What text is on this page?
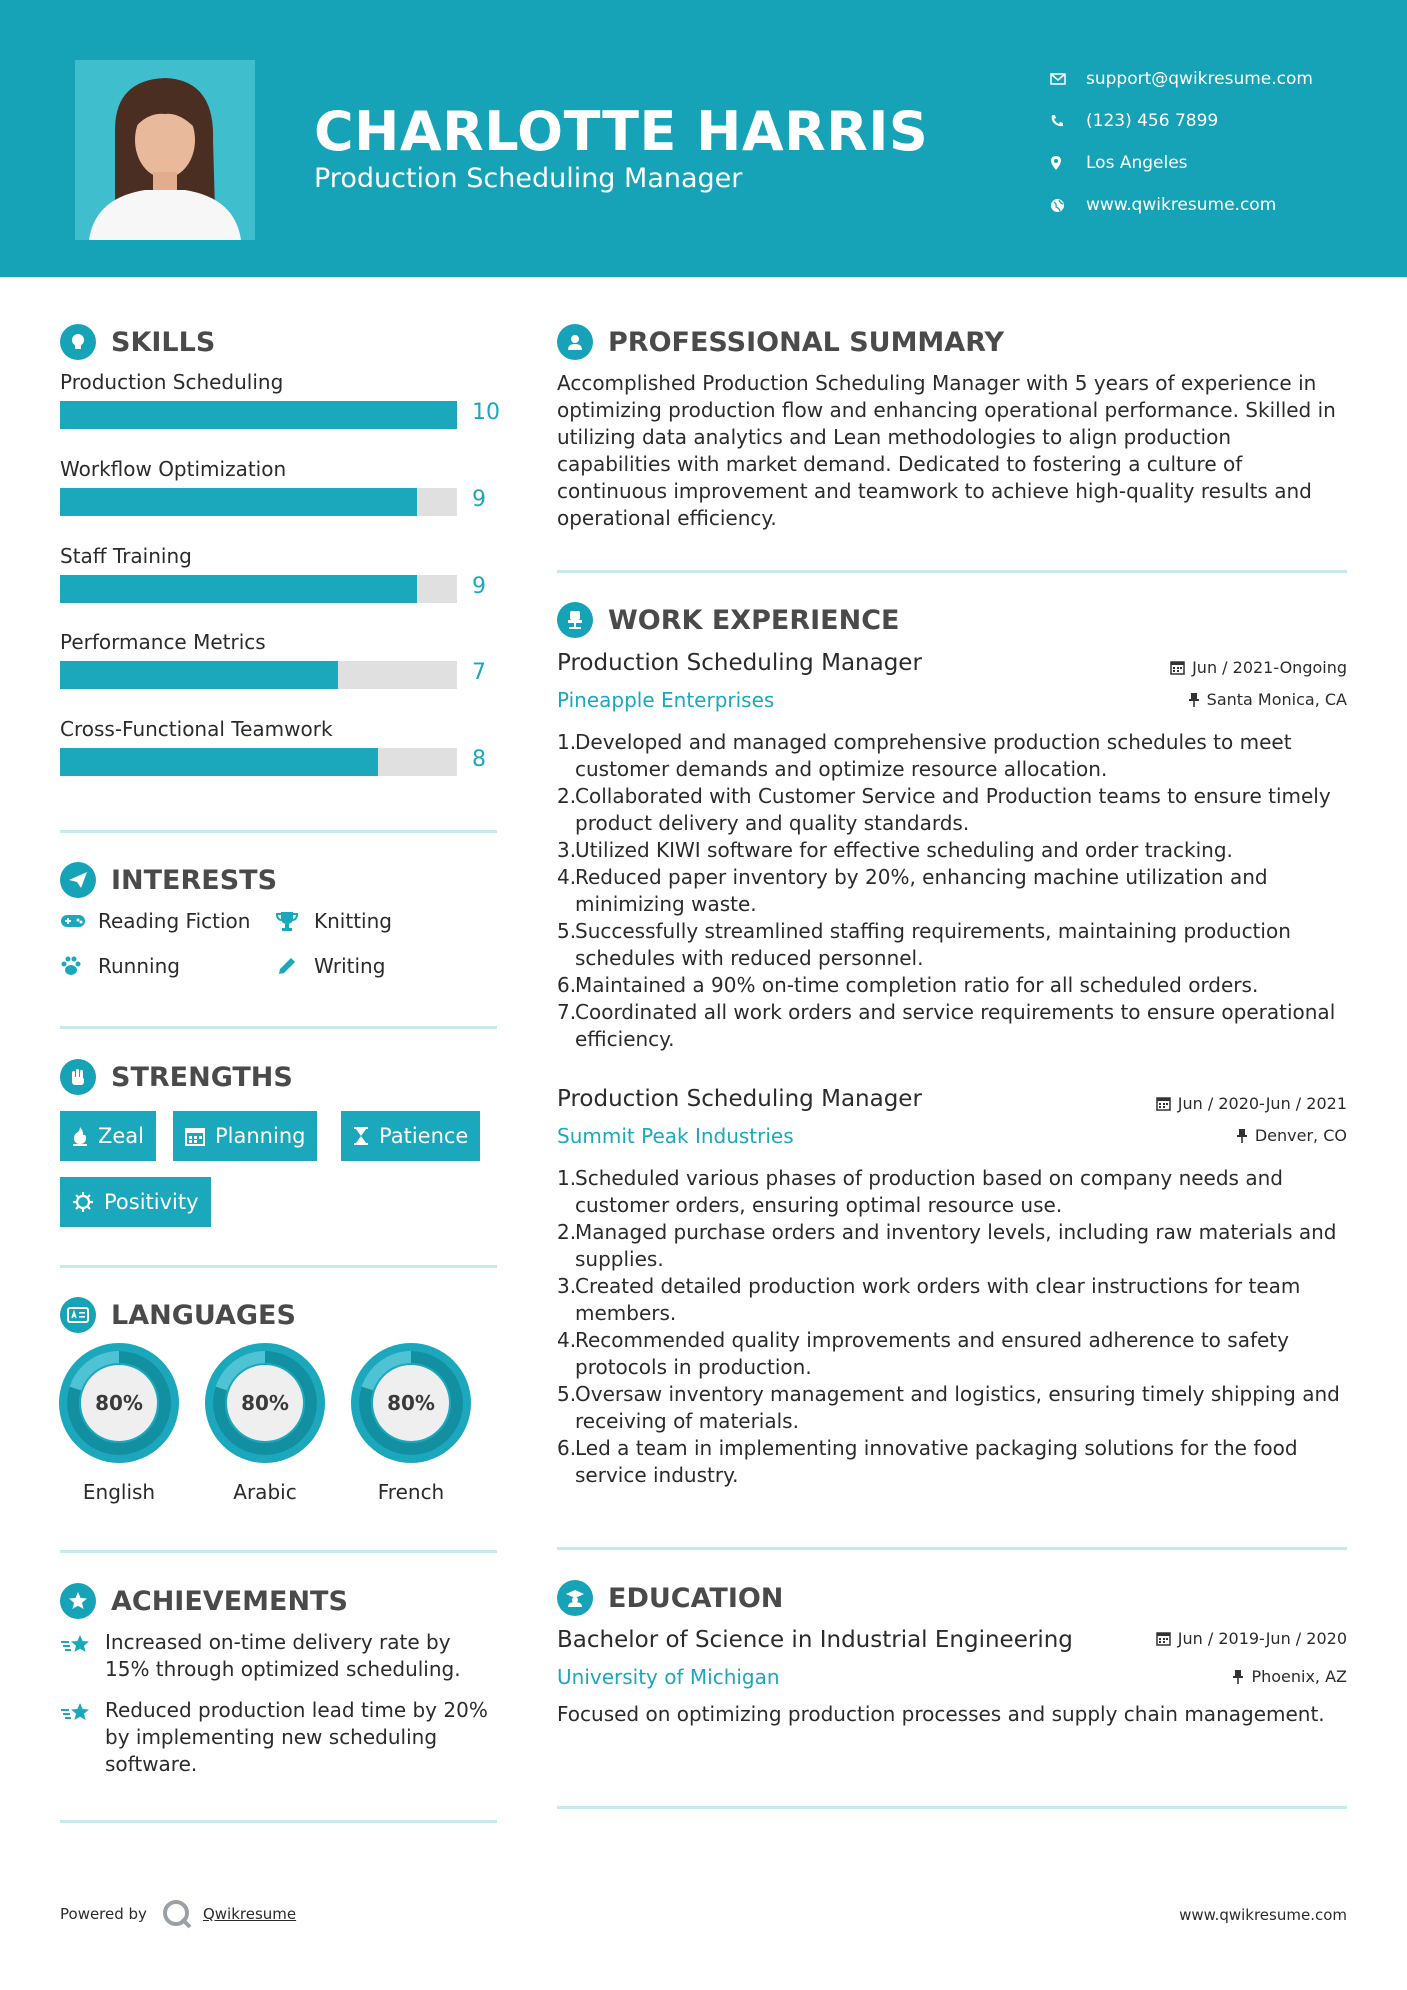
CHARLOTTE HARRIS
Production Scheduling Manager
support@qwikresume.com
(123) 456 7899
Los Angeles
www.qwikresume.com
SKILLS
Production Scheduling
10
Workflow Optimization
9
Staff Training
9
Performance Metrics
7
Cross-Functional Teamwork
8
INTERESTS
Reading Fiction	Knitting
Running	Writing
STRENGTHS
Zeal	Planning	Patience
Positivity
LANGUAGES
80%
English
80%
Arabic
80%
French
ACHIEVEMENTS
Increased on-time delivery rate by 15% through optimized scheduling.
Reduced production lead time by 20% by implementing new scheduling software.
PROFESSIONAL SUMMARY
Accomplished Production Scheduling Manager with 5 years of experience in optimizing production flow and enhancing operational performance. Skilled in utilizing data analytics and Lean methodologies to align production capabilities with market demand. Dedicated to fostering a culture of continuous improvement and teamwork to achieve high-quality results and operational efficiency.
WORK EXPERIENCE
Production Scheduling Manager	Jun / 2021-Ongoing
Pineapple Enterprises	Santa Monica, CA
1.
Developed and managed comprehensive production schedules to meet customer demands and optimize resource allocation.
2.
Collaborated with Customer Service and Production teams to ensure timely product delivery and quality standards.
3.
Utilized KIWI software for effective scheduling and order tracking.
4.
Reduced paper inventory by 20%, enhancing machine utilization and minimizing waste.
5.
Successfully streamlined staffing requirements, maintaining production schedules with reduced personnel.
6.
Maintained a 90% on-time completion ratio for all scheduled orders.
7.
Coordinated all work orders and service requirements to ensure operational efficiency.
Production Scheduling Manager	Jun / 2020-Jun / 2021
Summit Peak Industries	Denver, CO
1.
Scheduled various phases of production based on company needs and customer orders, ensuring optimal resource use.
2.
Managed purchase orders and inventory levels, including raw materials and supplies.
3.
Created detailed production work orders with clear instructions for team members.
4.
Recommended quality improvements and ensured adherence to safety protocols in production.
5.
Oversaw inventory management and logistics, ensuring timely shipping and receiving of materials.
6.
Led a team in implementing innovative packaging solutions for the food service industry.
EDUCATION
Bachelor of Science in Industrial Engineering	Jun / 2019-Jun / 2020
University of Michigan	Phoenix, AZ
Focused on optimizing production processes and supply chain management.
Powered by	Qwikresume	www.qwikresume.com
